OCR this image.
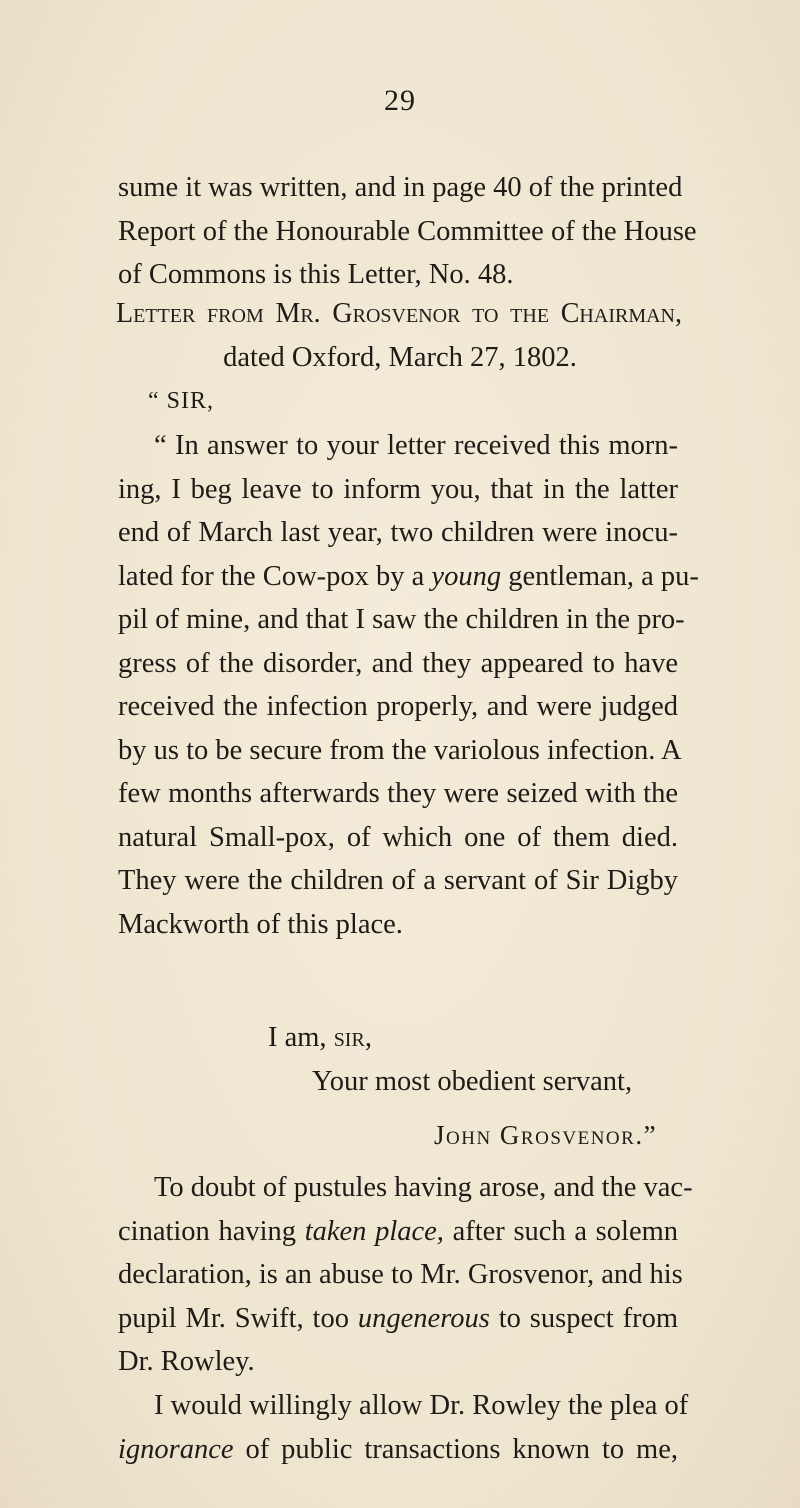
29
sume it was written, and in page 40 of the printed
Report of the Honourable Committee of the House
of Commons is this Letter, No. 48.
Letter from Mr. Grosvenor to the Chairman,
dated Oxford, March 27, 1802.
“ SIR,
“ In answer to your letter received this morn-
ing, I beg leave to inform you, that in the latter
end of March last year, two children were inocu-
lated for the Cow-pox by a young gentleman, a pu-
pil of mine, and that I saw the children in the pro-
gress of the disorder, and they appeared to have
received the infection properly, and were judged
by us to be secure from the variolous infection. A
few months afterwards they were seized with the
natural Small-pox, of which one of them died.
They were the children of a servant of Sir Digby
Mackworth of this place.
I am, sir,
Your most obedient servant,
John Grosvenor.”
To doubt of pustules having arose, and the vac-
cination having taken place, after such a solemn
declaration, is an abuse to Mr. Grosvenor, and his
pupil Mr. Swift, too ungenerous to suspect from
Dr. Rowley.
I would willingly allow Dr. Rowley the plea of
ignorance of public transactions known to me,
